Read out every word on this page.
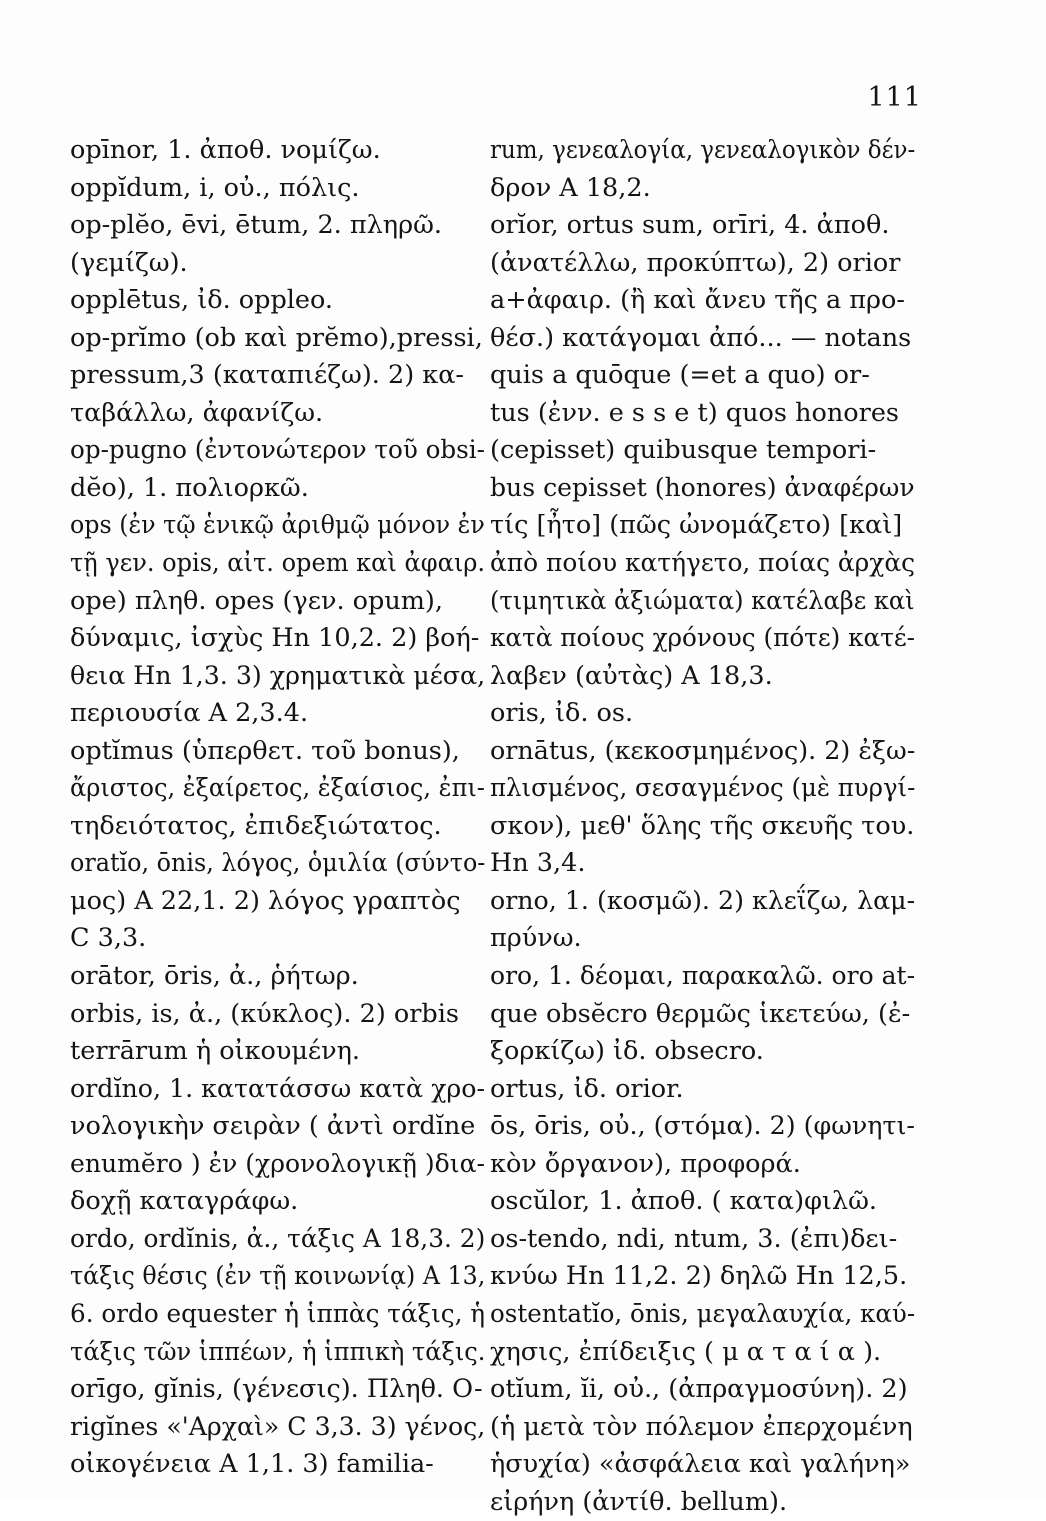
111
opīnor, 1. ἀποθ. νομίζω.
oppĭdum, i, οὐ., πόλις.
op-plĕo, ēvi, ētum, 2. πληρῶ.
(γεμίζω).
opplētus, ἰδ. oppleo.
op-prĭmo (ob καὶ prĕmo),pressi,
pressum,3 (καταπιέζω). 2) κα-
ταβάλλω, ἀφανίζω.
op-pugno (ἐντονώτερον τοῦ obsi-
dĕo), 1. πολιορκῶ.
ops (ἐν τῷ ἑνικῷ ἀριθμῷ μόνον ἐν
τῇ γεν. opis, αἰτ. opem καὶ ἀφαιρ.
ope) πληθ. opes (γεν. opum),
δύναμις, ἰσχὺς Hn 10,2. 2) βοή-
θεια Hn 1,3. 3) χρηματικὰ μέσα,
περιουσία A 2,3.4.
optĭmus (ὑπερθετ. τοῦ bonus),
ἄριστος, ἐξαίρετος, ἐξαίσιος, ἐπι-
τηδειότατος, ἐπιδεξιώτατος.
oratĭo, ōnis, λόγος, ὁμιλία (σύντο-
μος) A 22,1. 2) λόγος γραπτὸς
C 3,3.
orātor, ōris, ἀ., ῥήτωρ.
orbis, is, ἀ., (κύκλος). 2) orbis
terrārum ἡ οἰκουμένη.
ordĭno, 1. κατατάσσω κατὰ χρο-
νολογικὴν σειρὰν ( ἀντὶ ordĭne
enumĕro ) ἐν (χρονολογικῇ )δια-
δοχῇ καταγράφω.
ordo, ordĭnis, ἀ., τάξις A 18,3. 2)
τάξις θέσις (ἐν τῇ κοινωνίᾳ) A 13,
6. ordo equester ἡ ἱππὰς τάξις, ἡ
τάξις τῶν ἱππέων, ἡ ἱππικὴ τάξις.
orīgo, gĭnis, (γένεσις). Πληθ. O-
rigĭnes «'Αρχαὶ» C 3,3. 3) γένος,
οἰκογένεια A 1,1. 3) familia-
rum, γενεαλογία, γενεαλογικὸν δέν-
δρον A 18,2.
orĭor, ortus sum, orīri, 4. ἀποθ.
(ἀνατέλλω, προκύπτω), 2) orior
a+ἀφαιρ. (ἢ καὶ ἄνευ τῆς a προ-
θέσ.) κατάγομαι ἀπό... — notans
quis a quōque (=et a quo) or-
tus (ἐνν. e s s e t) quos honores
(cepisset) quibusque tempori-
bus cepisset (honores) ἀναφέρων
τίς [ἦτο] (πῶς ὠνομάζετο) [καὶ]
ἀπὸ ποίου κατήγετο, ποίας ἀρχὰς
(τιμητικὰ ἀξιώματα) κατέλαβε καὶ
κατὰ ποίους χρόνους (πότε) κατέ-
λαβεν (αὐτὰς) A 18,3.
oris, ἰδ. os.
ornātus, (κεκοσμημένος). 2) ἐξω-
πλισμένος, σεσαγμένος (μὲ πυργί-
σκον), μεθ' ὅλης τῆς σκευῆς του.
Hn 3,4.
orno, 1. (κοσμῶ). 2) κλεΐζω, λαμ-
πρύνω.
oro, 1. δέομαι, παρακαλῶ. oro at-
que obsĕcro θερμῶς ἱκετεύω, (ἐ-
ξορκίζω) ἰδ. obsecro.
ortus, ἰδ. orior.
ōs, ōris, οὐ., (στόμα). 2) (φωνητι-
κὸν ὄργανον), προφορά.
oscŭlor, 1. ἀποθ. ( κατα)φιλῶ.
os-tendo, ndi, ntum, 3. (ἐπι)δει-
κνύω Hn 11,2. 2) δηλῶ Hn 12,5.
ostentatĭo, ōnis, μεγαλαυχία, καύ-
χησις, ἐπίδειξις ( μ α τ α ί α ).
otĭum, ĭi, οὐ., (ἀπραγμοσύνη). 2)
(ἡ μετὰ τὸν πόλεμον ἐπερχομένη
ἡσυχία) «ἀσφάλεια καὶ γαλήνη»
εἰρήνη (ἀντίθ. bellum).
